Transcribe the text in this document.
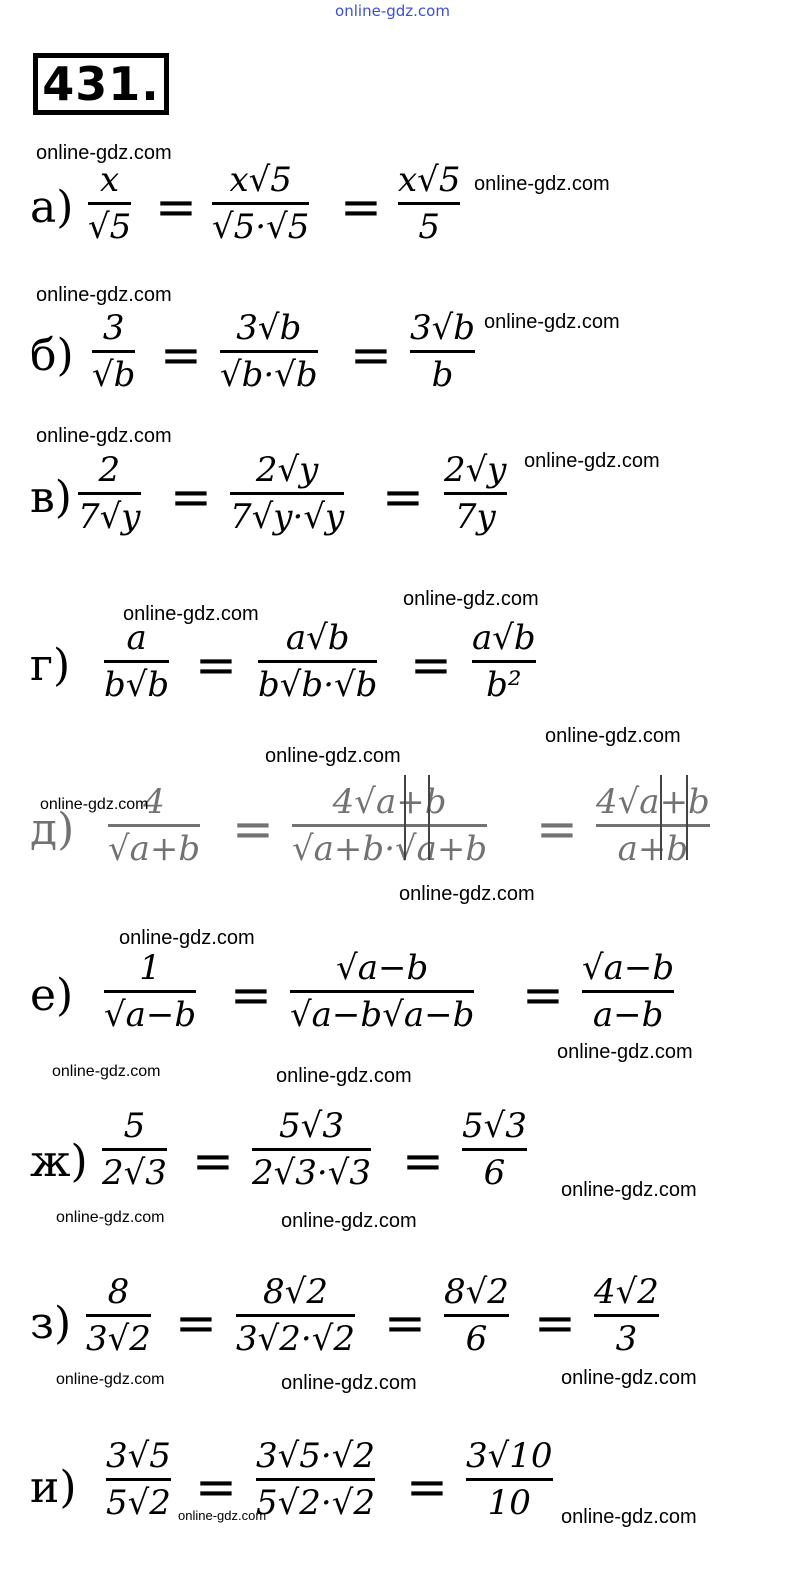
online-gdz.com
431.
online-gdz.com
а)
x
√5 = x√5
√5·√5 = x√5
5
online-gdz.com
online-gdz.com
б)
3
√b = 3√b
√b·√b = 3√b
b
online-gdz.com
online-gdz.com
в)
2
7√y = 2√y
7√y·√y = 2√y
7y
online-gdz.com
online-gdz.com
online-gdz.com
г)
a
b√b = a√b
b√b·√b = a√b
b²
online-gdz.com
online-gdz.com
online-gdz.com
д)
4
√a+b = 4√a+b
√a+b·√a+b = 4√a+b
a+b
online-gdz.com
online-gdz.com
е)
1
√a−b = √a−b
√a−b√a−b = √a−b
a−b
online-gdz.com
online-gdz.com	online-gdz.com
ж)
5
2√3 =
5√3
2√3·√3 =
5√3
6	online-gdz.com
online-gdz.com	online-gdz.com
з)
8
3√2 =
8√2
3√2·√2 =
8√2
6 =
4√2
3
online-gdz.com
online-gdz.com	online-gdz.com
и)
3√5
5√2 =
3√5·√2
5√2·√2 =
3√10
10
online-gdz.com	online-gdz.com
